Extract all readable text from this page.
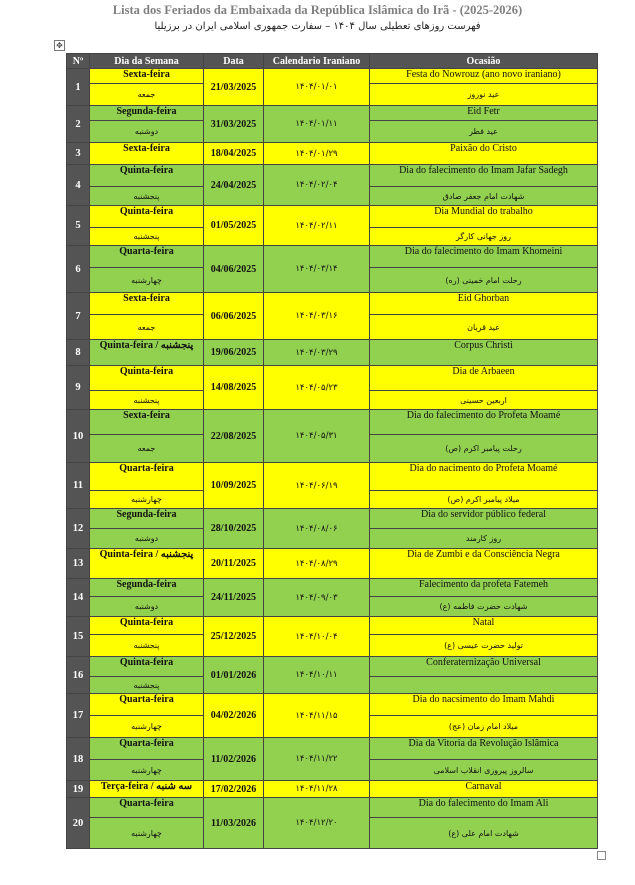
Lista dos Feriados da Embaixada da República Islâmica do Irã - (2025-2026)
فهرست روزهای تعطیلی سال ۱۴۰۴ – سفارت جمهوری اسلامی ایران در برزیلیا
✥
Nº	Dia da Semana	Data	Calendario Iraniano	Ocasião
1	Sexta-feira	21/03/2025	۱۴۰۴/۰۱/۰۱	Festa do Nowrouz (ano novo iraniano)
	جمعه			عید نوروز
2	Segunda-feira	31/03/2025	۱۴۰۴/۰۱/۱۱	Eid Fetr
	دوشنبه			عید فطر
3	Sexta-feira	18/04/2025	۱۴۰۴/۰۱/۲۹	Paixão do Cristo
4	Quinta-feira	24/04/2025	۱۴۰۴/۰۲/۰۴	Dia do falecimento do Imam Jafar Sadegh
	پنجشنبه			شهادت امام جعفر صادق
5	Quinta-feira	01/05/2025	۱۴۰۴/۰۲/۱۱	Dia Mundial do trabalho
	پنجشنبه			روز جهانی کارگر
6	Quarta-feira	04/06/2025	۱۴۰۴/۰۳/۱۴	Dia do falecimento do Imam Khomeini
	چهارشنبه			رحلت امام خمینی (ره)
7	Sexta-feira	06/06/2025	۱۴۰۴/۰۳/۱۶	Eid Ghorban
	جمعه			عید قربان
8	Quinta-feira / پنجشنبه	19/06/2025	۱۴۰۴/۰۳/۲۹	Corpus Christi
9	Quinta-feira	14/08/2025	۱۴۰۴/۰۵/۲۳	Dia de Arbaeen
	پنجشنبه			اربعین حسینی
10	Sexta-feira	22/08/2025	۱۴۰۴/۰۵/۳۱	Dia do falecimento do Profeta Moamé
	جمعه			رحلت پیامبر اکرم (ص)
11	Quarta-feira	10/09/2025	۱۴۰۴/۰۶/۱۹	Dia do nacimento do Profeta Moamé
	چهارشنبه			میلاد پیامبر اکرم (ص)
12	Segunda-feira	28/10/2025	۱۴۰۴/۰۸/۰۶	Dia do servidor público federal
	دوشنبه			روز کارمند
13	Quinta-feira / پنجشنبه	20/11/2025	۱۴۰۴/۰۸/۲۹	Dia de Zumbi e da Consciência Negra
14	Segunda-feira	24/11/2025	۱۴۰۴/۰۹/۰۳	Falecimento da profeta Fatemeh
	دوشنبه			شهادت حضرت فاطمه (ع)
15	Quinta-feira	25/12/2025	۱۴۰۴/۱۰/۰۴	Natal
	پنجشنبه			تولید حضرت عیسی (ع)
16	Quinta-feira	01/01/2026	۱۴۰۴/۱۰/۱۱	Conferaternização Universal
	پنجشنبه			
17	Quarta-feira	04/02/2026	۱۴۰۴/۱۱/۱۵	Dia do nacsimento do Imam Mahdi
	چهارشنبه			میلاد امام زمان (عج)
18	Quarta-feira	11/02/2026	۱۴۰۴/۱۱/۲۲	Dia da Vitoria da Revolução Islâmica
	چهارشنبه			سالروز پیروزی انقلاب اسلامی
19	Terça-feira / سه شنبه	17/02/2026	۱۴۰۴/۱۱/۲۸	Carnaval
20	Quarta-feira	11/03/2026	۱۴۰۴/۱۲/۲۰	Dia do falecimento do Imam Ali
	چهارشنبه			شهادت امام علی (ع)
